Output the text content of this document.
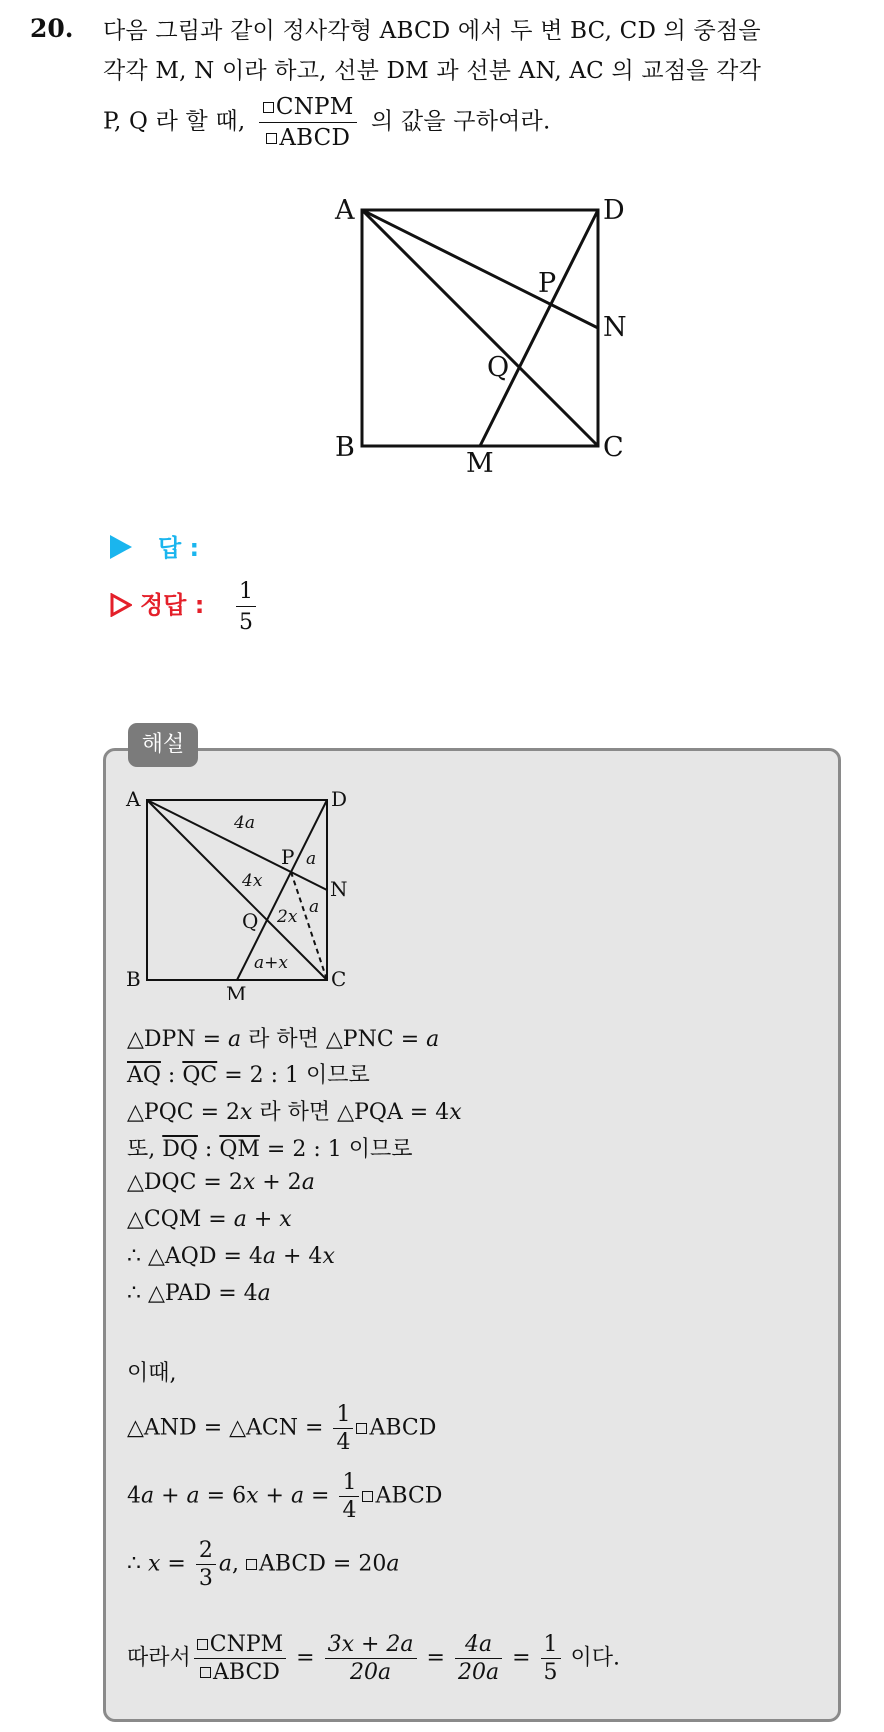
20. 다음 그림과 같이 정사각형 ABCD 에서 두 변 BC, CD 의 중점을
각각 M, N 이라 하고, 선분 DM 과 선분 AN, AC 의 교점을 각각
P, Q 라 할 때, $\frac{\text{CNPM}}{\text{ABCD}}$ 의 값을 구하여라.
A	D
B	C
M
N
P
Q
답 :
정답 : $\frac{1}{5}$
해설
A	D
B	C
M
N
P
Q
4a
4x
2x
a
a
a+x
△DPN = a 라 하면 △PNC = a
$\overline{AQ}$ : $\overline{QC} = 2$ : 1 이므로
△PQC = 2x 라 하면 △PQA = 4x
또, $\overline{DQ}$ : $\overline{QM} = 2$ : 1 이므로
△DQC = 2x + 2a
△CQM = a + x
∴ △AQD = 4a + 4x
∴ △PAD = 4a
이때,
△AND = △ACN = $\frac{1}{4}$ ABCD
$4a + a = 6x + a = \frac{1}{4}$ ABCD
∴ $x = \frac{2}{3} a$, ABCD = 20a
따라서
CNPM
ABCD
= $\frac{3x + 2a}{20a} = \frac{4a}{20a} = \frac{1}{5}$ 이다.
